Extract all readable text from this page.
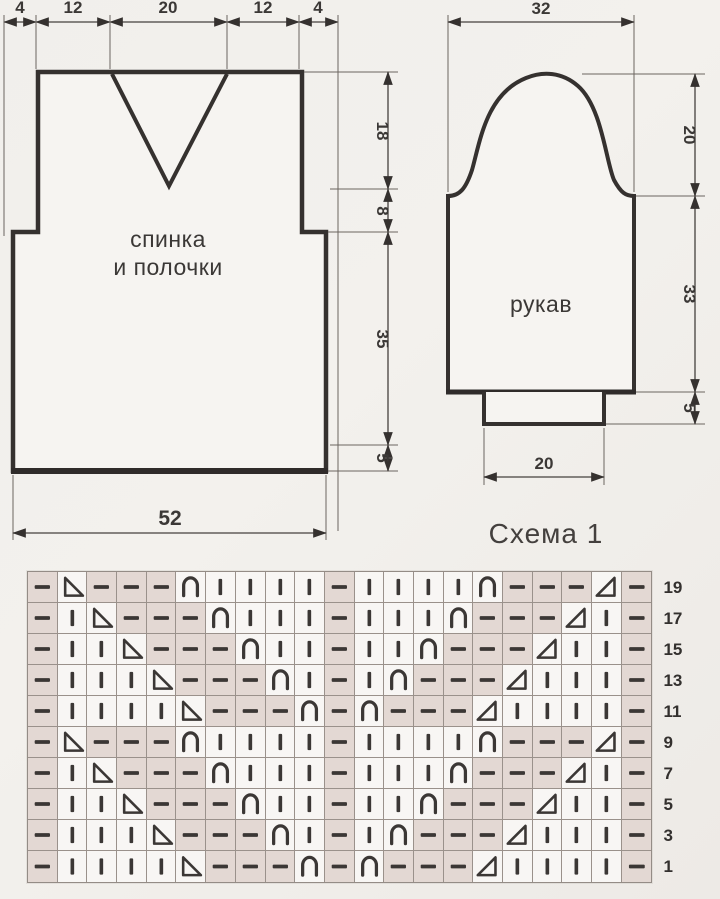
спинка
и полочки
4 12	20	12 4
18
8
35
5
52
рукав
32
20
33
5
20
Схема 1
19
17
15
13
11
9
7
5
3
1
